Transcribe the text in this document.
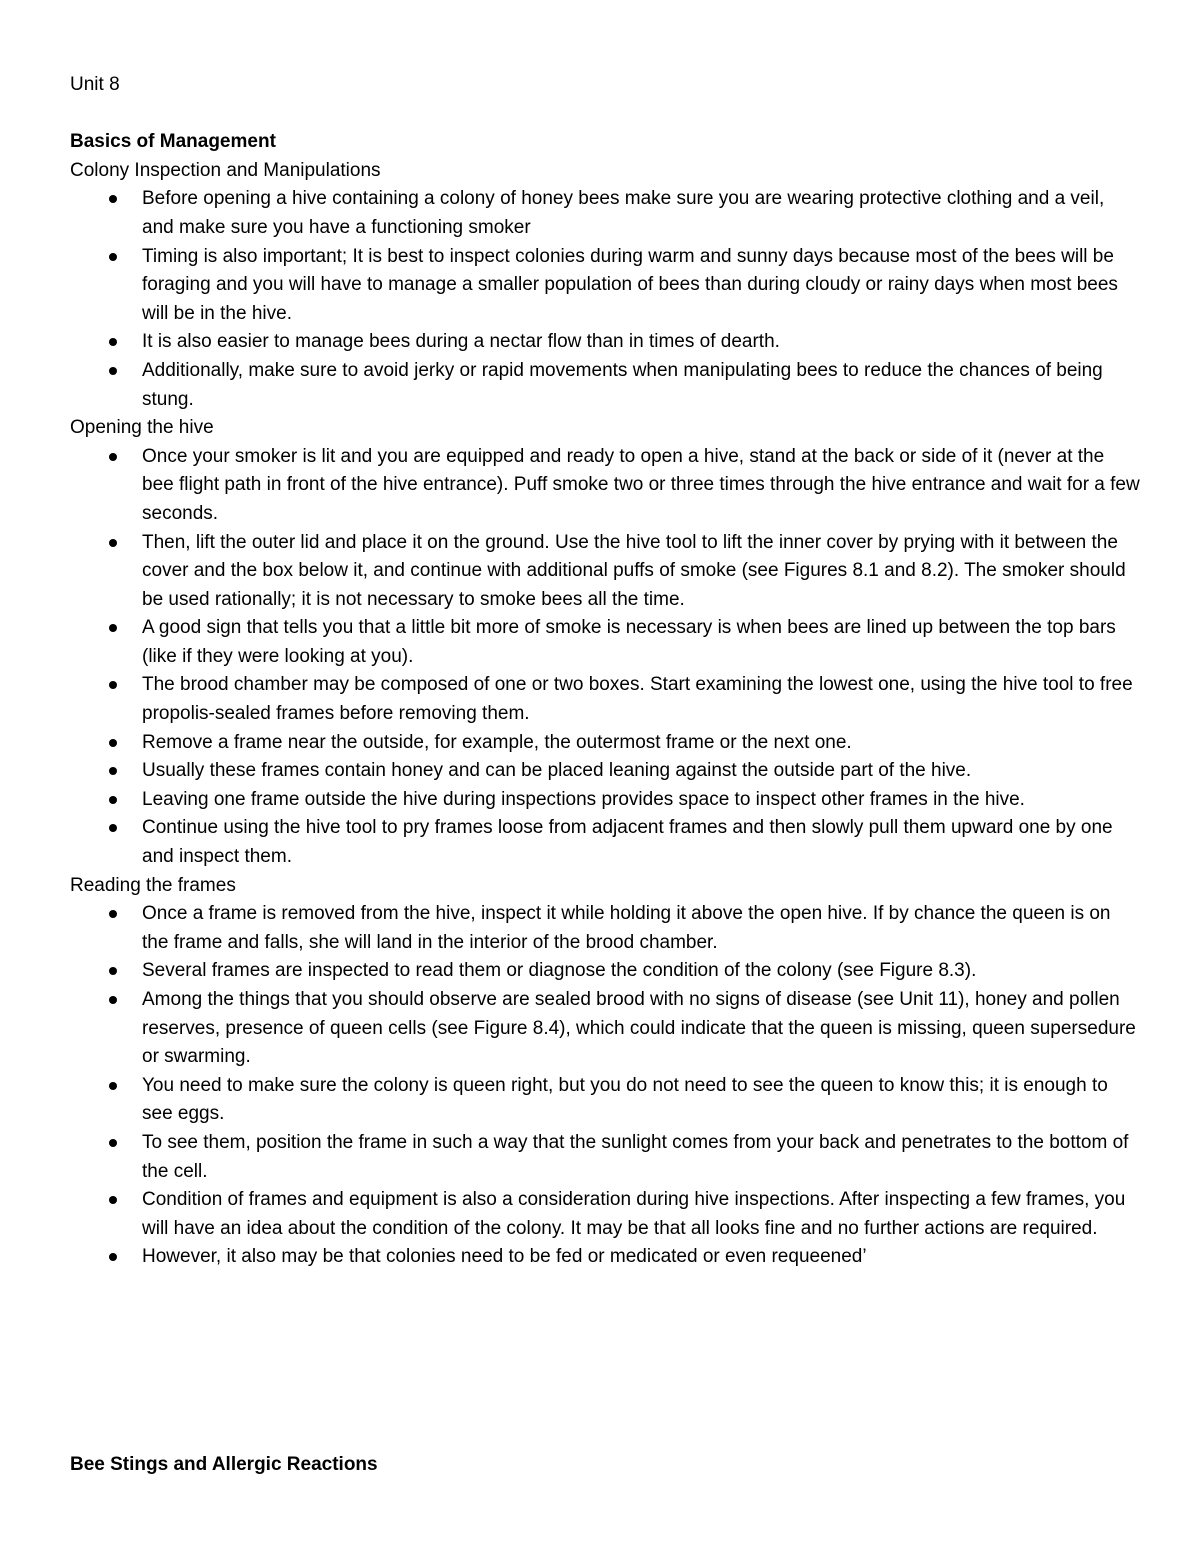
Unit 8

Basics of Management

Colony Inspection and Manipulations

Before opening a hive containing a colony of honey bees make sure you are wearing protective clothing and a veil, and make sure you have a functioning smoker
Timing is also important; It is best to inspect colonies during warm and sunny days because most of the bees will be foraging and you will have to manage a smaller population of bees than during cloudy or rainy days when most bees will be in the hive.
It is also easier to manage bees during a nectar flow than in times of dearth.
Additionally, make sure to avoid jerky or rapid movements when manipulating bees to reduce the chances of being stung.

Opening the hive

Once your smoker is lit and you are equipped and ready to open a hive, stand at the back or side of it (never at the bee flight path in front of the hive entrance). Puff smoke two or three times through the hive entrance and wait for a few seconds.
Then, lift the outer lid and place it on the ground. Use the hive tool to lift the inner cover by prying with it between the cover and the box below it, and continue with additional puffs of smoke (see Figures 8.1 and 8.2). The smoker should be used rationally; it is not necessary to smoke bees all the time.
A good sign that tells you that a little bit more of smoke is necessary is when bees are lined up between the top bars (like if they were looking at you).
The brood chamber may be composed of one or two boxes. Start examining the lowest one, using the hive tool to free propolis-sealed frames before removing them.
Remove a frame near the outside, for example, the outermost frame or the next one.
Usually these frames contain honey and can be placed leaning against the outside part of the hive.
Leaving one frame outside the hive during inspections provides space to inspect other frames in the hive.
Continue using the hive tool to pry frames loose from adjacent frames and then slowly pull them upward one by one and inspect them.

Reading the frames

Once a frame is removed from the hive, inspect it while holding it above the open hive. If by chance the queen is on the frame and falls, she will land in the interior of the brood chamber.
Several frames are inspected to read them or diagnose the condition of the colony (see Figure 8.3).
Among the things that you should observe are sealed brood with no signs of disease (see Unit 11), honey and pollen reserves, presence of queen cells (see Figure 8.4), which could indicate that the queen is missing, queen supersedure or swarming.
You need to make sure the colony is queen right, but you do not need to see the queen to know this; it is enough to see eggs.
To see them, position the frame in such a way that the sunlight comes from your back and penetrates to the bottom of the cell.
Condition of frames and equipment is also a consideration during hive inspections. After inspecting a few frames, you will have an idea about the condition of the colony. It may be that all looks fine and no further actions are required.
However, it also may be that colonies need to be fed or medicated or even requeened’

Bee Stings and Allergic Reactions
